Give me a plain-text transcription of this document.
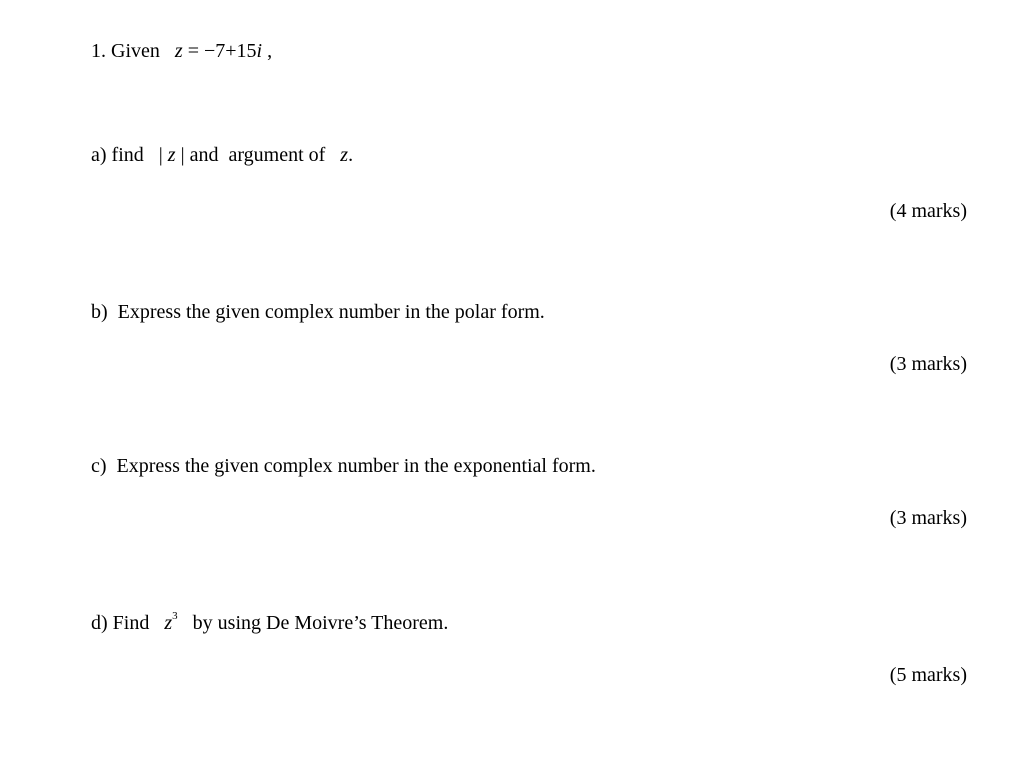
1. Given z = −7+15i ,
a) find | z | and  argument of z.
(4 marks)
b) Express the given complex number in the polar form.
(3 marks)
c) Express the given complex number in the exponential form.
(3 marks)
d) Find $z^3$ by using De Moivre’s Theorem.
(5 marks)
